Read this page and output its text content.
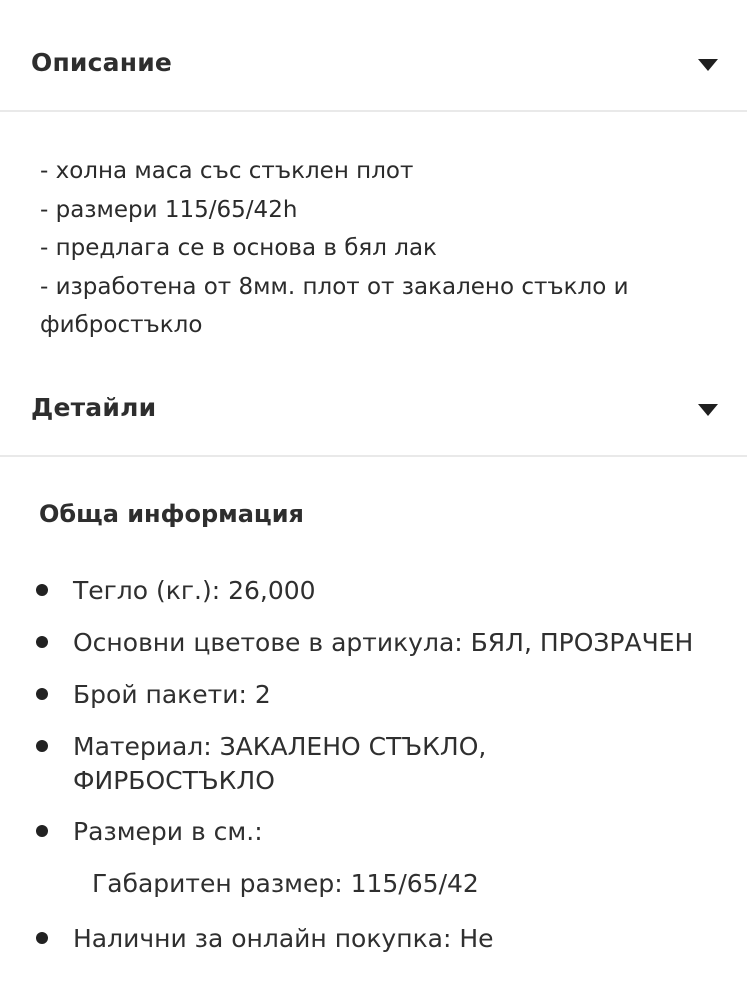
Описание
- холна маса със стъклен плот
- размери 115/65/42h
- предлага се в основа в бял лак
- изработена от 8мм. плот от закалено стъкло и
фибростъкло
Детайли
Обща информация
Тегло (кг.): 26,000
Основни цветове в артикула: БЯЛ, ПРОЗРАЧЕН
Брой пакети: 2
Материал: ЗАКАЛЕНО СТЪКЛО,
ФИРБОСТЪКЛО
Размери в см.:
Габаритен размер: 115/65/42
Налични за онлайн покупка: Не
